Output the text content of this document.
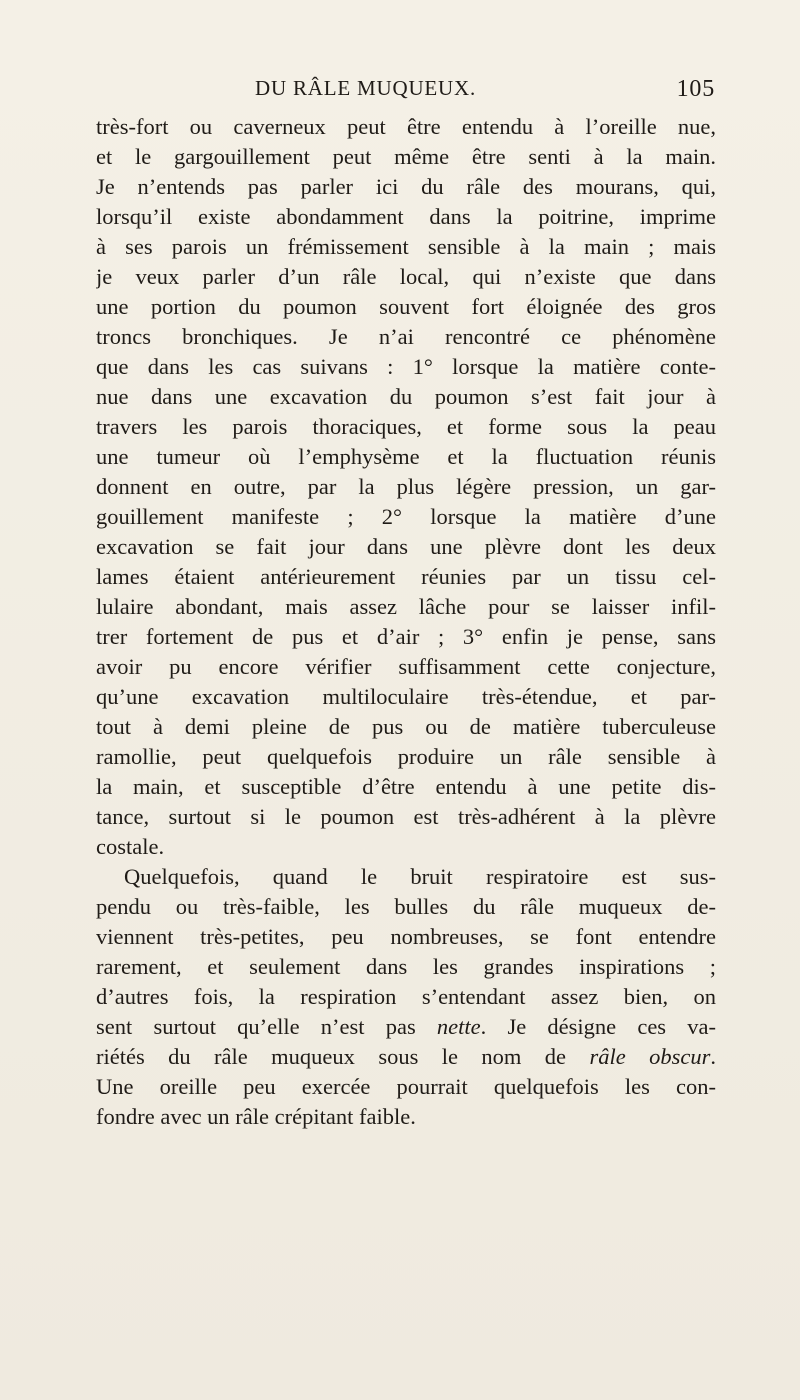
DU RÂLE MUQUEUX.	105
très-fort ou caverneux peut être entendu à l’oreille nue,
et le gargouillement peut même être senti à la main.
Je n’entends pas parler ici du râle des mourans, qui,
lorsqu’il existe abondamment dans la poitrine, imprime
à ses parois un frémissement sensible à la main ; mais
je veux parler d’un râle local, qui n’existe que dans
une portion du poumon souvent fort éloignée des gros
troncs bronchiques. Je n’ai rencontré ce phénomène
que dans les cas suivans : 1° lorsque la matière conte-
nue dans une excavation du poumon s’est fait jour à
travers les parois thoraciques, et forme sous la peau
une tumeur où l’emphysème et la fluctuation réunis
donnent en outre, par la plus légère pression, un gar-
gouillement manifeste ; 2° lorsque la matière d’une
excavation se fait jour dans une plèvre dont les deux
lames étaient antérieurement réunies par un tissu cel-
lulaire abondant, mais assez lâche pour se laisser infil-
trer fortement de pus et d’air ; 3° enfin je pense, sans
avoir pu encore vérifier suffisamment cette conjecture,
qu’une excavation multiloculaire très-étendue, et par-
tout à demi pleine de pus ou de matière tuberculeuse
ramollie, peut quelquefois produire un râle sensible à
la main, et susceptible d’être entendu à une petite dis-
tance, surtout si le poumon est très-adhérent à la plèvre
costale.
Quelquefois, quand le bruit respiratoire est sus-
pendu ou très-faible, les bulles du râle muqueux de-
viennent très-petites, peu nombreuses, se font entendre
rarement, et seulement dans les grandes inspirations ;
d’autres fois, la respiration s’entendant assez bien, on
sent surtout qu’elle n’est pas nette. Je désigne ces va-
riétés du râle muqueux sous le nom de râle obscur.
Une oreille peu exercée pourrait quelquefois les con-
fondre avec un râle crépitant faible.
